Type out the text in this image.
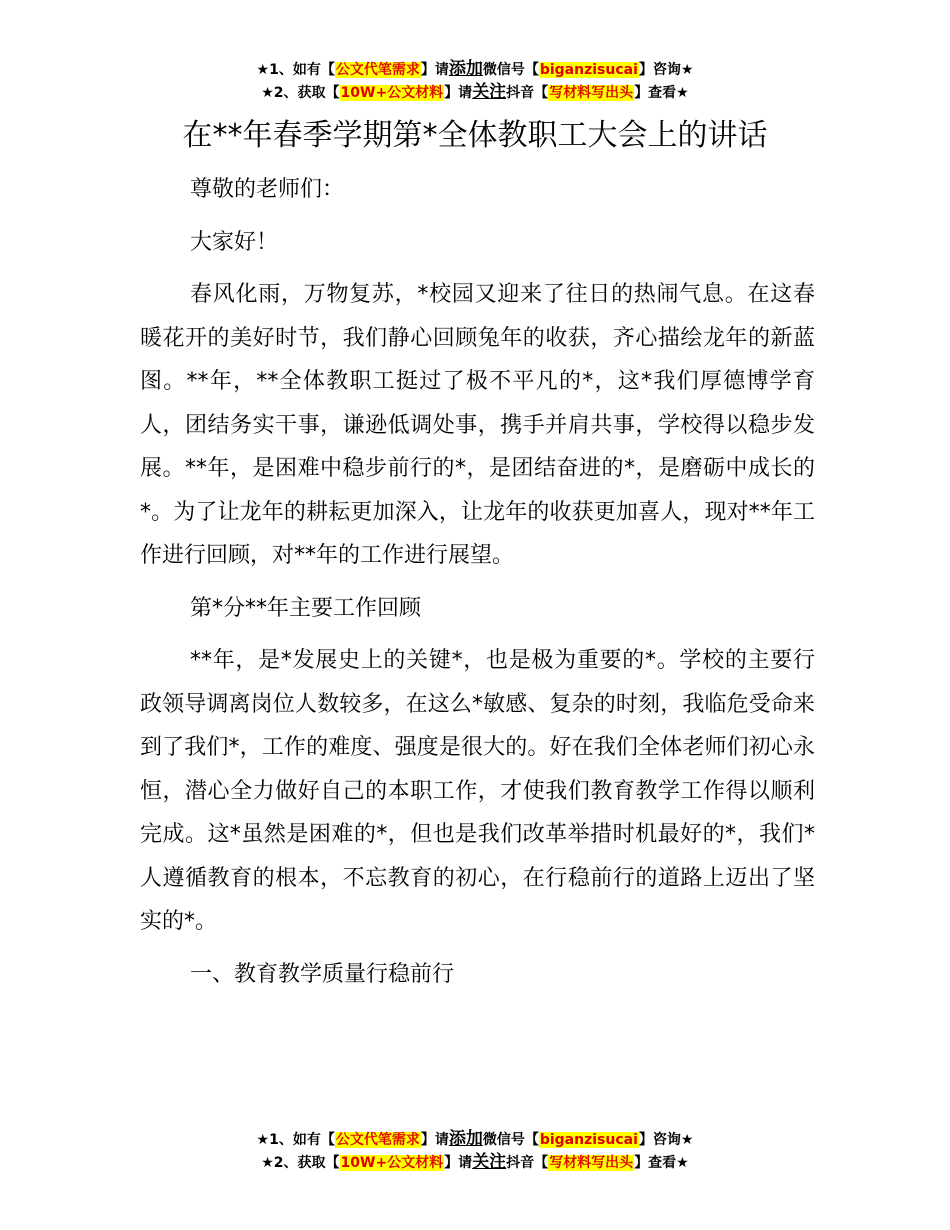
★1、如有【公文代笔需求】请添加微信号【biganzisucai】咨询★
★2、获取【10W+公文材料】请关注抖音【写材料写出头】查看★
在**年春季学期第*全体教职工大会上的讲话

尊敬的老师们：

大家好！

春风化雨，万物复苏，*校园又迎来了往日的热闹气息。在这春暖花开的美好时节，我们静心回顾兔年的收获，齐心描绘龙年的新蓝图。**年，**全体教职工挺过了极不平凡的*，这*我们厚德博学育人，团结务实干事，谦逊低调处事，携手并肩共事，学校得以稳步发展。**年，是困难中稳步前行的*，是团结奋进的*，是磨砺中成长的*。为了让龙年的耕耘更加深入，让龙年的收获更加喜人，现对**年工作进行回顾，对**年的工作进行展望。

第*分**年主要工作回顾

**年，是*发展史上的关键*，也是极为重要的*。学校的主要行政领导调离岗位人数较多，在这么*敏感、复杂的时刻，我临危受命来到了我们*，工作的难度、强度是很大的。好在我们全体老师们初心永恒，潜心全力做好自己的本职工作，才使我们教育教学工作得以顺利完成。这*虽然是困难的*，但也是我们改革举措时机最好的*，我们*人遵循教育的根本，不忘教育的初心，在行稳前行的道路上迈出了坚实的*。

一、教育教学质量行稳前行

★1、如有【公文代笔需求】请添加微信号【biganzisucai】咨询★
★2、获取【10W+公文材料】请关注抖音【写材料写出头】查看★
